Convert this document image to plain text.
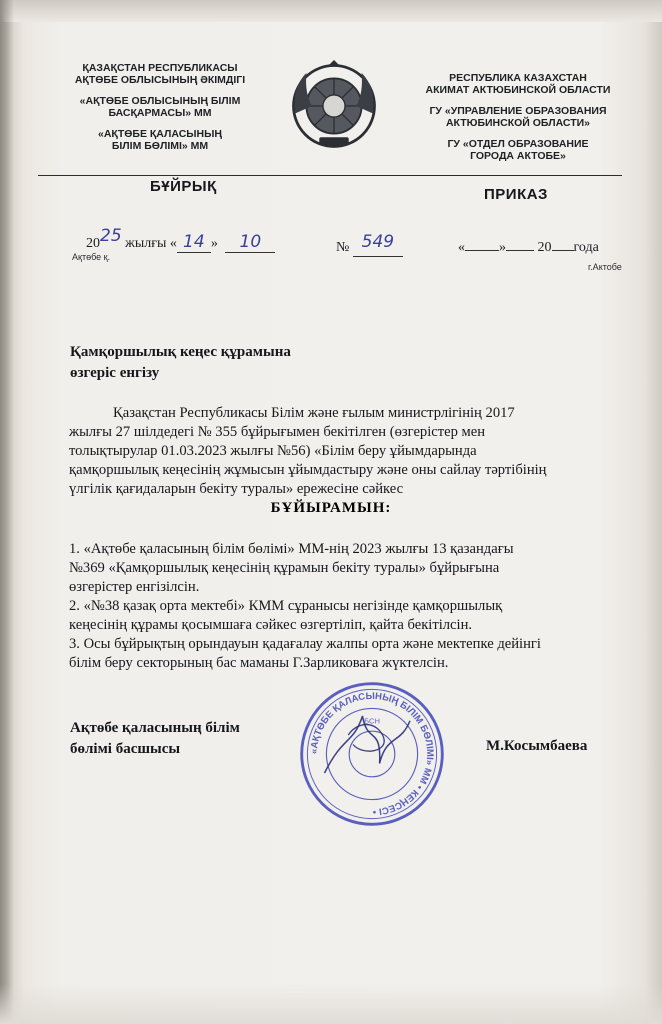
ҚАЗАҚСТАН РЕСПУБЛИКАСЫ
АҚТӨБЕ ОБЛЫСЫНЫҢ ӘКІМДІГІ

«АҚТӨБЕ ОБЛЫСЫНЫҢ БІЛІМ
БАСҚАРМАСЫ» ММ

«АҚТӨБЕ ҚАЛАСЫНЫҢ
БІЛІМ БӨЛІМІ» ММ

РЕСПУБЛИКА КАЗАХСТАН
АКИМАТ АКТЮБИНСКОЙ ОБЛАСТИ

ГУ «УПРАВЛЕНИЕ ОБРАЗОВАНИЯ
АКТЮБИНСКОЙ ОБЛАСТИ»

ГУ «ОТДЕЛ ОБРАЗОВАНИЕ
ГОРОДА АКТОБЕ»

БҰЙРЫҚ	ПРИКАЗ
2025 жылғы « 14 » 10
Ақтөбе қ.
№ 549	« » 20 года
г.Актобе
Қамқоршылық кеңес құрамына
өзгеріс енгізу

Қазақстан Республикасы Білім және ғылым министрлігінің 2017

жылғы 27 шілдедегі № 355 бұйрығымен бекітілген (өзгерістер мен

толықтырулар 01.03.2023 жылғы №56) «Білім беру ұйымдарында

қамқоршылық кеңесінің жұмысын ұйымдастыру және оны сайлау тәртібінің

үлгілік қағидаларын бекіту туралы» ережесіне сәйкес

БҰЙЫРАМЫН:

1. «Ақтөбе қаласының білім бөлімі» ММ-нің 2023 жылғы 13 қазандағы

№369 «Қамқоршылық кеңесінің құрамын бекіту туралы» бұйрығына

өзгерістер енгізілсін.

2. «№38 қазақ орта мектебі» КММ сұранысы негізінде қамқоршылық

кеңесінің құрамы қосымшаға сәйкес өзгертіліп, қайта бекітілсін.

3. Осы бұйрықтың орындауын қадағалау жалпы орта және мектепке дейінгі

білім беру секторының бас маманы Г.Зарликоваға жүктелсін.

Ақтөбе қаласының білім
бөлімі басшысы	М.Косымбаева
«АҚТӨБЕ ҚАЛАСЫНЫҢ БІЛІМ БӨЛІМІ» ММ • КЕҢСЕСІ •
БСН
